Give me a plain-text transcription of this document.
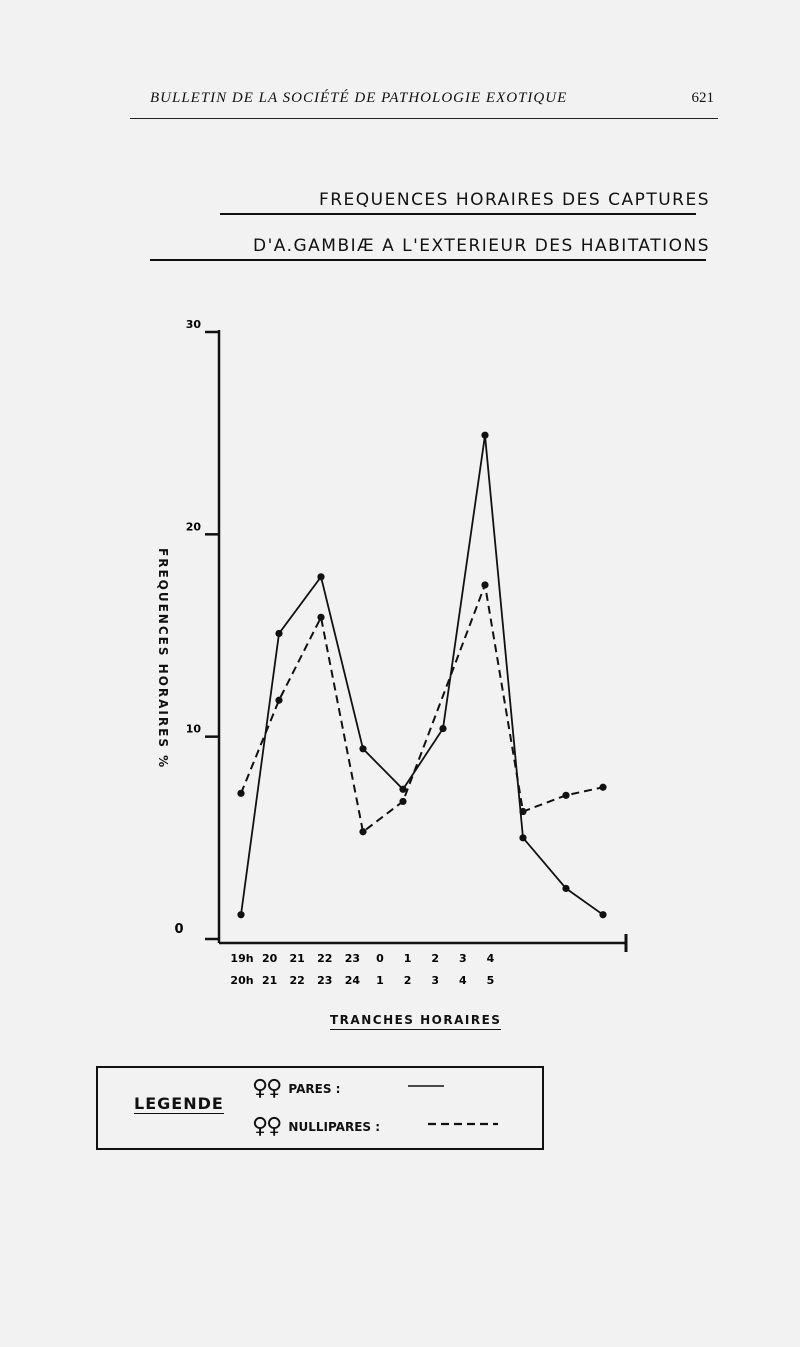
BULLETIN DE LA SOCIÉTÉ DE PATHOLOGIE EXOTIQUE	621
FREQUENCES HORAIRES DES CAPTURES
D'A.GAMBIÆ A L'EXTERIEUR DES HABITATIONS
30
20
10
0
19h 20 21 22 23 0 1 2 3 4
20h 21 22 23 24 1 2 3 4 5
FREQUENCES HORAIRES %
TRANCHES HORAIRES
LEGENDE
♀♀ PARES :
♀♀ NULLIPARES :
